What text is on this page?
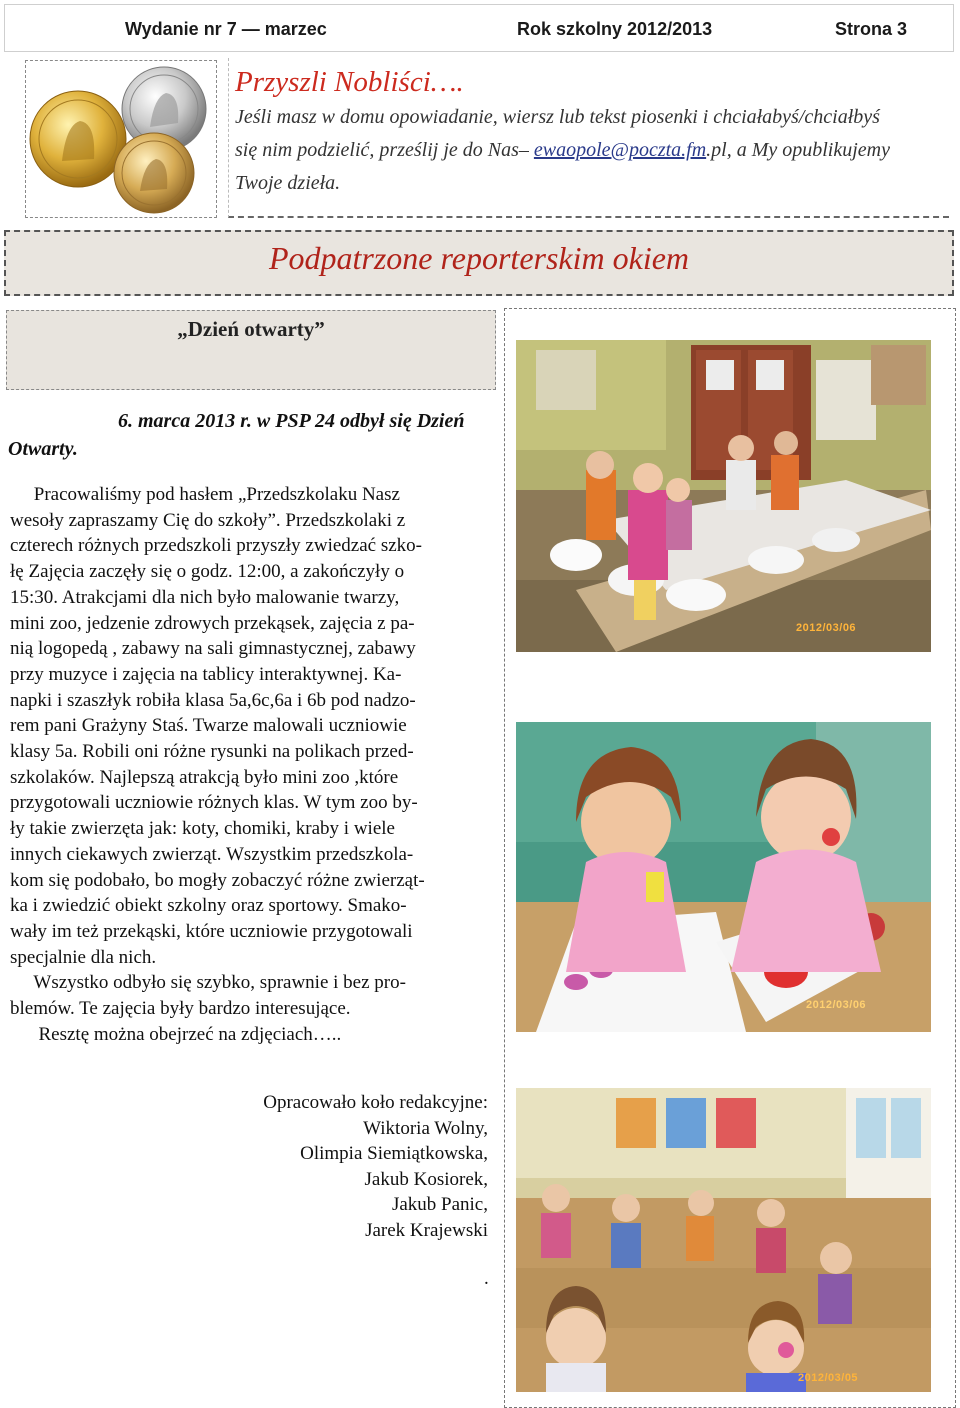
Wydanie nr 7 — marzec	Rok szkolny 2012/2013	Strona 3
Przyszli Nobliści….
Jeśli masz w domu opowiadanie, wiersz lub tekst piosenki i chciałabyś/chciałbyś
się nim podzielić, prześlij je do Nas– ewaopole@poczta.fm.pl, a My opublikujemy
Twoje dzieła.
Podpatrzone reporterskim okiem
„Dzień otwarty”
2012/03/06
2012/03/06
2012/03/05
6. marca 2013 r. w PSP 24 odbył się Dzień
Otwarty.
Pracowaliśmy pod hasłem „Przedszkolaku Nasz
wesoły zapraszamy Cię do szkoły”. Przedszkolaki z
czterech różnych przedszkoli przyszły zwiedzać szko-
łę Zajęcia zaczęły się o godz. 12:00, a zakończyły o
15:30. Atrakcjami dla nich było malowanie twarzy,
mini zoo, jedzenie zdrowych przekąsek, zajęcia z pa-
nią logopedą , zabawy na sali gimnastycznej, zabawy
przy muzyce i zajęcia na tablicy interaktywnej. Ka-
napki i szaszłyk robiła klasa 5a,6c,6a i 6b pod nadzo-
rem pani Grażyny Staś. Twarze malowali uczniowie
klasy 5a. Robili oni różne rysunki na polikach przed-
szkolaków. Najlepszą atrakcją było mini zoo ,które
przygotowali uczniowie różnych klas. W tym zoo by-
ły takie zwierzęta jak: koty, chomiki, kraby i wiele
innych ciekawych zwierząt. Wszystkim przedszkola-
kom się podobało, bo mogły zobaczyć różne zwierząt-
ka i zwiedzić obiekt szkolny oraz sportowy. Smako-
wały im też przekąski, które uczniowie przygotowali
specjalnie dla nich.
Wszystko odbyło się szybko, sprawnie i bez pro-
blemów. Te zajęcia były bardzo interesujące.
Resztę można obejrzeć na zdjęciach…..
Opracowało koło redakcyjne:
Wiktoria Wolny,
Olimpia Siemiątkowska,
Jakub Kosiorek,
Jakub Panic,
Jarek Krajewski
.
